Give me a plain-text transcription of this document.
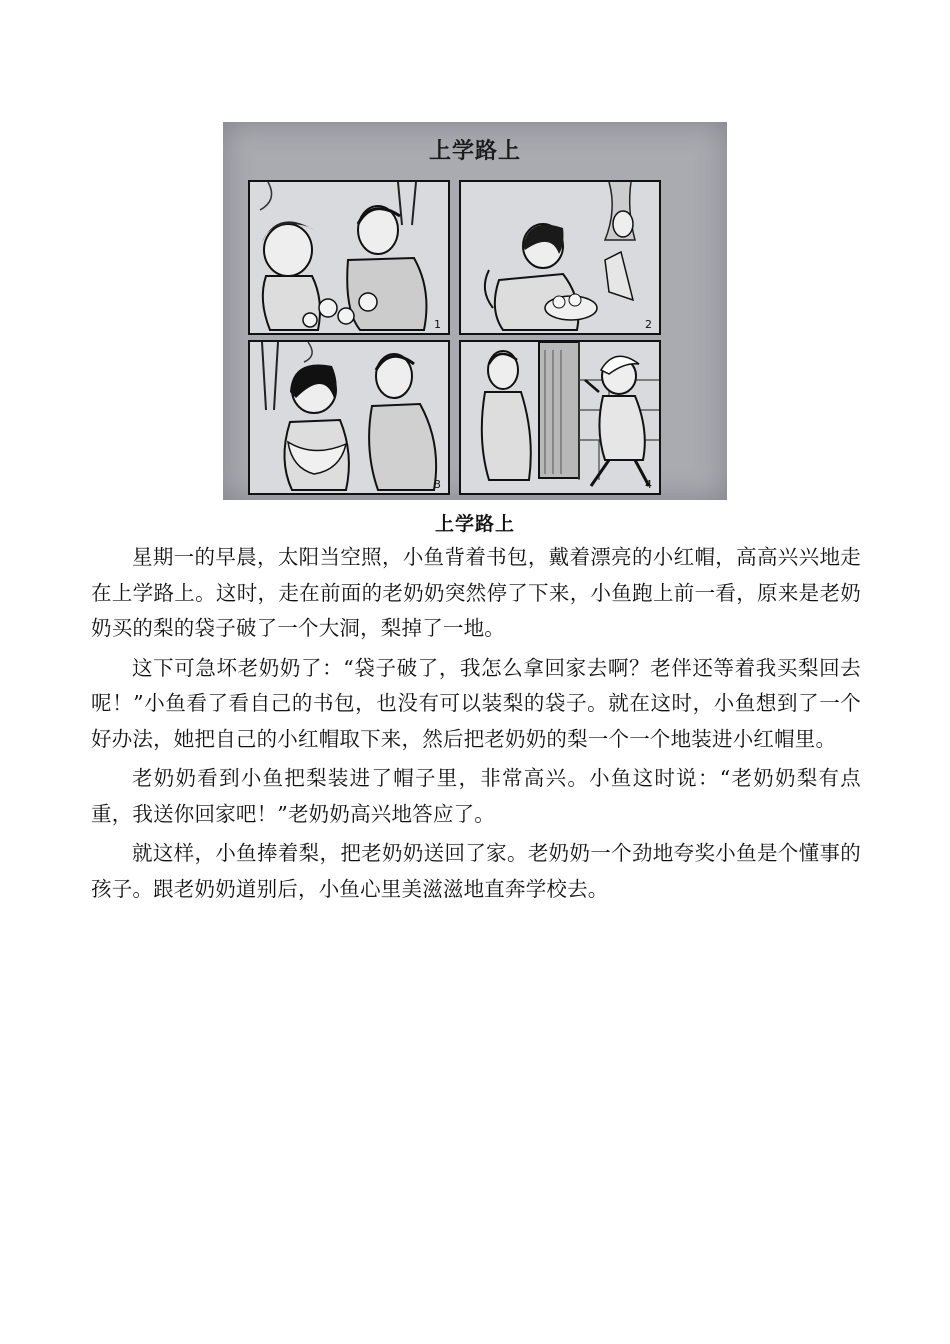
上学路上
1	2
3	4
上学路上

星期一的早晨，太阳当空照，小鱼背着书包，戴着漂亮的小红帽，高高兴兴地走在上学路上。这时，走在前面的老奶奶突然停了下来，小鱼跑上前一看，原来是老奶奶买的梨的袋子破了一个大洞，梨掉了一地。

这下可急坏老奶奶了：“袋子破了，我怎么拿回家去啊？老伴还等着我买梨回去呢！”小鱼看了看自己的书包，也没有可以装梨的袋子。就在这时，小鱼想到了一个好办法，她把自己的小红帽取下来，然后把老奶奶的梨一个一个地装进小红帽里。

老奶奶看到小鱼把梨装进了帽子里，非常高兴。小鱼这时说：“老奶奶梨有点重，我送你回家吧！”老奶奶高兴地答应了。

就这样，小鱼捧着梨，把老奶奶送回了家。老奶奶一个劲地夸奖小鱼是个懂事的孩子。跟老奶奶道别后，小鱼心里美滋滋地直奔学校去。
